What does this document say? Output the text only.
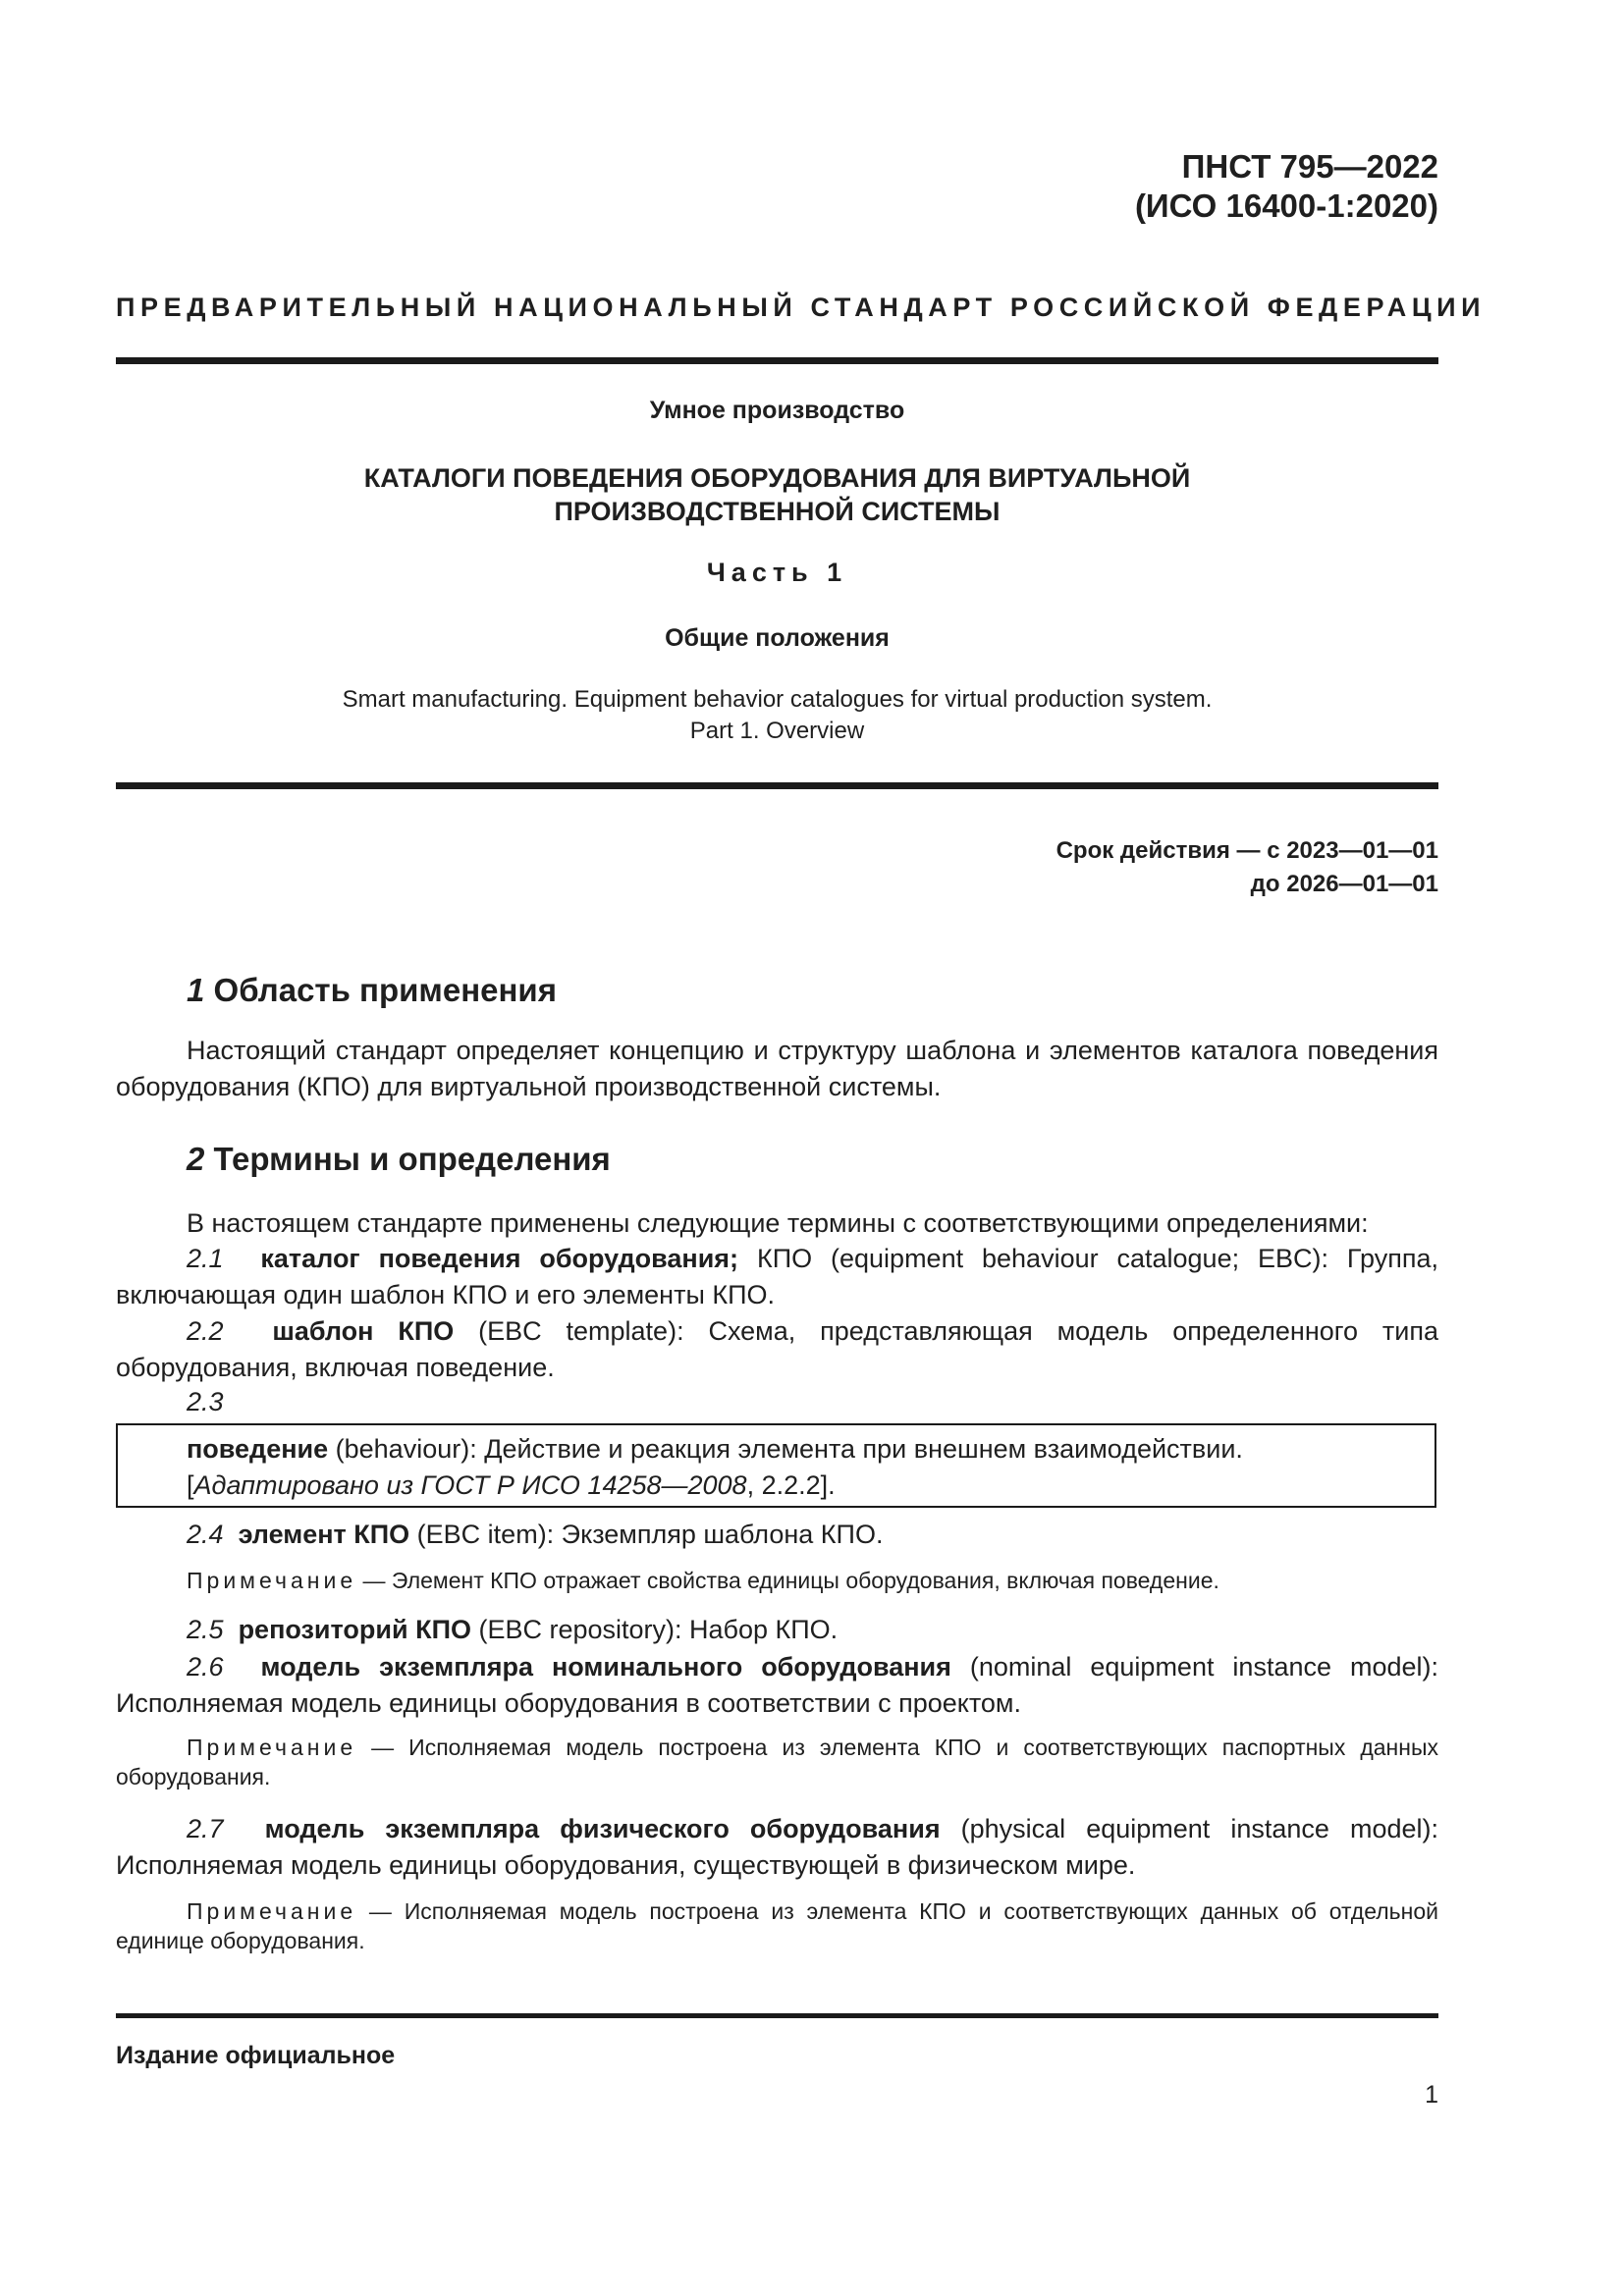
ПНСТ 795—2022
(ИСО 16400-1:2020)
ПРЕДВАРИТЕЛЬНЫЙ НАЦИОНАЛЬНЫЙ СТАНДАРТ РОССИЙСКОЙ ФЕДЕРАЦИИ
Умное производство
КАТАЛОГИ ПОВЕДЕНИЯ ОБОРУДОВАНИЯ ДЛЯ ВИРТУАЛЬНОЙ
ПРОИЗВОДСТВЕННОЙ СИСТЕМЫ
Часть 1
Общие положения
Smart manufacturing. Equipment behavior catalogues for virtual production system.
Part 1. Overview
Срок действия — с 2023—01—01
до 2026—01—01
1 Область применения
Настоящий стандарт определяет концепцию и структуру шаблона и элементов каталога поведения оборудования (КПО) для виртуальной производственной системы.
2 Термины и определения
В настоящем стандарте применены следующие термины с соответствующими определениями:
2.1 каталог поведения оборудования; КПО (equipment behaviour catalogue; EBC): Группа, включающая один шаблон КПО и его элементы КПО.
2.2 шаблон КПО (EBC template): Схема, представляющая модель определенного типа оборудования, включая поведение.
2.3
поведение (behaviour): Действие и реакция элемента при внешнем взаимодействии.
[Адаптировано из ГОСТ Р ИСО 14258—2008, 2.2.2].
2.4 элемент КПО (EBC item): Экземпляр шаблона КПО.
Примечание — Элемент КПО отражает свойства единицы оборудования, включая поведение.
2.5 репозиторий КПО (EBC repository): Набор КПО.
2.6 модель экземпляра номинального оборудования (nominal equipment instance model): Исполняемая модель единицы оборудования в соответствии с проектом.
Примечание — Исполняемая модель построена из элемента КПО и соответствующих паспортных данных оборудования.
2.7 модель экземпляра физического оборудования (physical equipment instance model): Исполняемая модель единицы оборудования, существующей в физическом мире.
Примечание — Исполняемая модель построена из элемента КПО и соответствующих данных об отдельной единице оборудования.
Издание официальное
1
